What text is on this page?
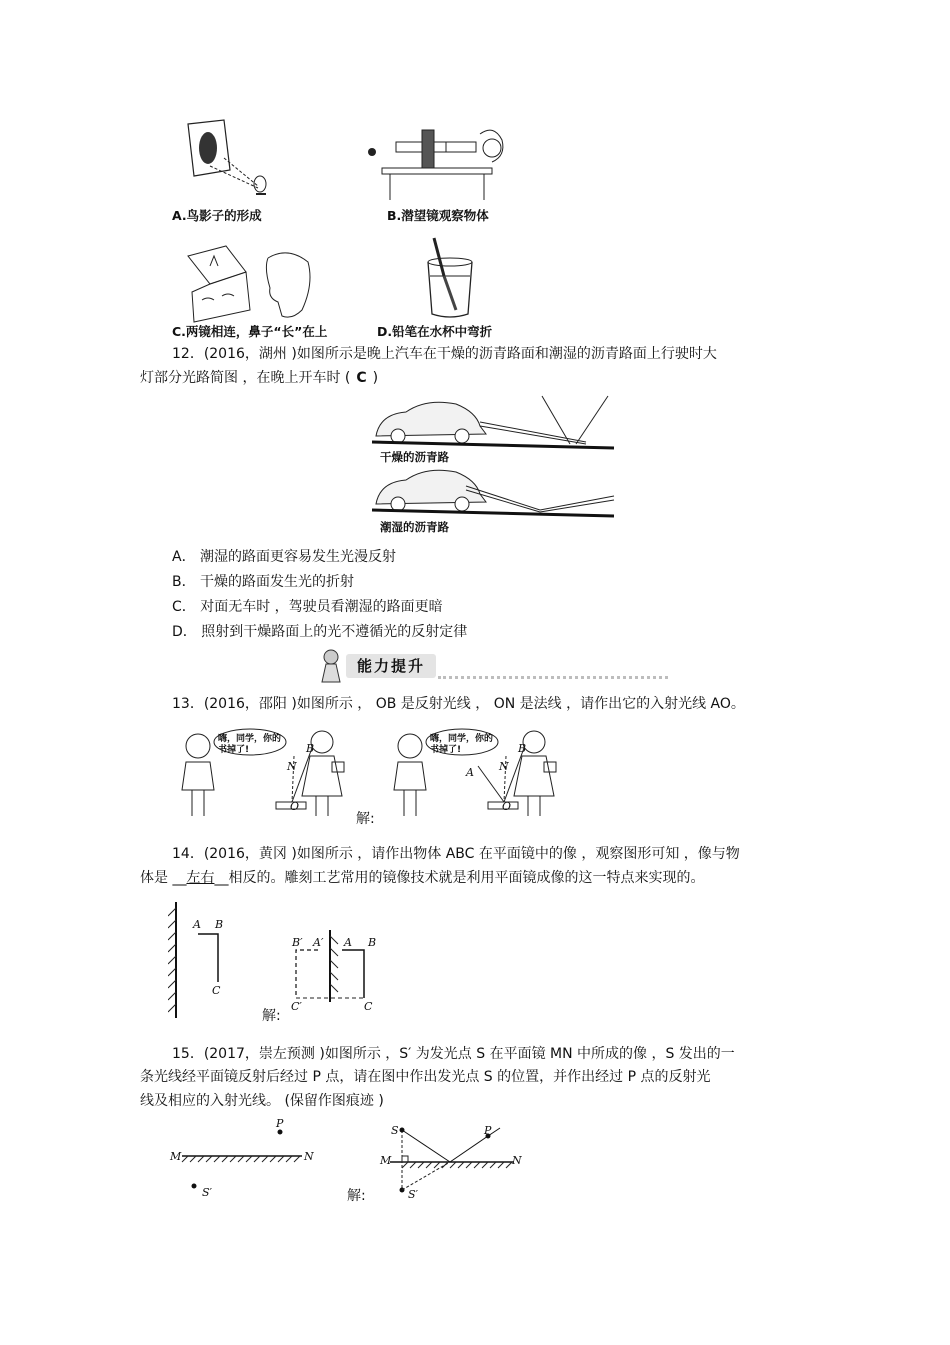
A.鸟影子的形成	B.潜望镜观察物体
C.两镜相连，鼻子“长”在上	D.铅笔在水杯中弯折
12．(2016，湖州 )如图所示是晚上汽车在干燥的沥青路面和潮湿的沥青路面上行驶时大
灯部分光路简图 ，在晚上开车时 ( C )
干燥的沥青路
潮湿的沥青路
A． 潮湿的路面更容易发生光漫反射
B． 干燥的路面发生光的折射
C． 对面无车时 ，驾驶员看潮湿的路面更暗
D． 照射到干燥路面上的光不遵循光的反射定律
能力提升
13．(2016，邵阳 )如图所示 ， OB 是反射光线 ， ON 是法线 ，请作出它的入射光线 AO。
嗨，同学，你的书掉了!
N
B
O
解:
嗨，同学，你的书掉了!
N
B
A
O
14．(2016，黄冈 )如图所示 ，请作出物体 ABC 在平面镜中的像 ，观察图形可知 ，像与物
体是 __左右__相反的。雕刻工艺常用的镜像技术就是利用平面镜成像的这一特点来实现的。
A B
C
解:
B′ A′ A B
C′	C
15．(2017，崇左预测 )如图所示 ，S′ 为发光点 S 在平面镜 MN 中所成的像 ，S 发出的一
条光线经平面镜反射后经过 P 点，请在图中作出发光点 S 的位置，并作出经过 P 点的反射光
线及相应的入射光线。 (保留作图痕迹 )
P
M	N
S′	解:
S	P
M	N
S′
